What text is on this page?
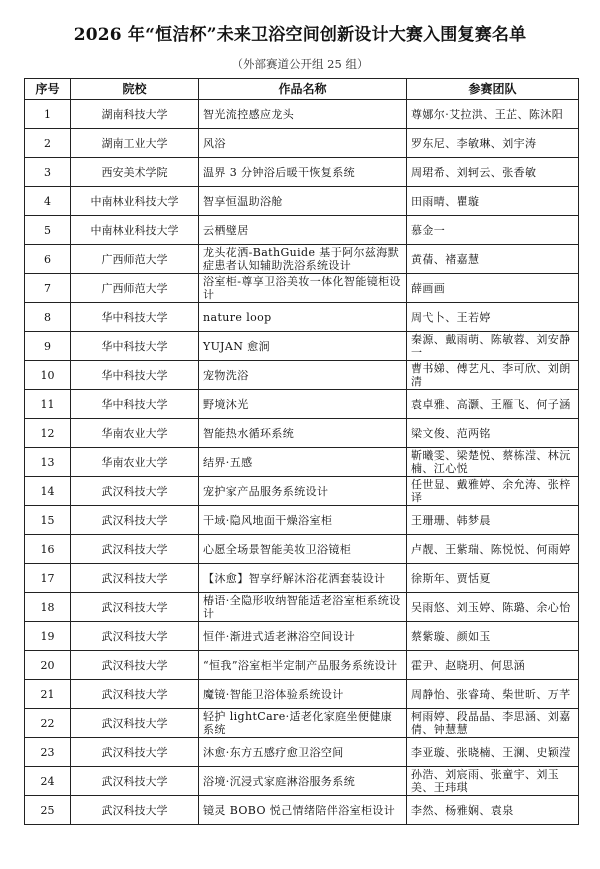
2026 年“恒洁杯”未来卫浴空间创新设计大赛入围复赛名单
（外部赛道公开组 25 组）
序号	院校	作品名称	参赛团队
1	湖南科技大学	智光流控感应龙头	尊娜尔·艾拉洪、王芷、陈沐阳
2	湖南工业大学	风浴	罗东尼、李敏琳、刘宇涛
3	西安美术学院	温界 3 分钟浴后暖干恢复系统	周珺希、刘轲云、张香敏
4	中南林业科技大学	智享恒温助浴舱	田雨晴、瞿璇
5	中南林业科技大学	云栖璧居	慕金一
6	广西师范大学	龙头花洒-BathGuide 基于阿尔兹海默症患者认知辅助洗浴系统设计	黄蒨、褚嘉慧
7	广西师范大学	浴室柜-尊享卫浴美妆一体化智能镜柜设计	薛画画
8	华中科技大学	nature loop	周弋卜、王若婷
9	华中科技大学	YUJAN 愈涧	秦源、戴雨萌、陈敏蓉、刘安静一
10	华中科技大学	宠物洗浴	曹书娣、傅艺凡、李可欣、刘朗清
11	华中科技大学	野境沐光	袁卓雅、高灏、王雁飞、何子涵
12	华南农业大学	智能热水循环系统	梁文俊、范两铭
13	华南农业大学	结界·五感	靳曦雯、梁楚悦、蔡栋滢、林沅楠、江心悦
14	武汉科技大学	宠护家产品服务系统设计	任世显、戴雅婷、余允涛、张梓译
15	武汉科技大学	干域·隐风地面干燥浴室柜	王珊珊、韩梦晨
16	武汉科技大学	心愿全场景智能美妆卫浴镜柜	卢靓、王紫瑞、陈悦悦、何雨婷
17	武汉科技大学	【沐愈】智享纾解沐浴花洒套装设计	徐斯年、贾恬夏
18	武汉科技大学	椿语·全隐形收纳智能适老浴室柜系统设计	吴雨悠、刘玉婷、陈璐、余心怡
19	武汉科技大学	恒伴·渐进式适老淋浴空间设计	蔡紫璇、颜如玉
20	武汉科技大学	“恒我”浴室柜半定制产品服务系统设计	霍尹、赵晓玥、何思涵
21	武汉科技大学	魔镜·智能卫浴体验系统设计	周静怡、张睿琦、柴世昕、万芊
22	武汉科技大学	轻护 lightCare·适老化家庭坐便健康系统	柯雨婷、段晶晶、李思涵、刘嘉倩、钟慧慧
23	武汉科技大学	沐愈·东方五感疗愈卫浴空间	李亚璇、张晓楠、王澜、史颖滢
24	武汉科技大学	浴境·沉浸式家庭淋浴服务系统	孙浩、刘宸雨、张童宇、刘玉美、王玮琪
25	武汉科技大学	镜灵 BOBO 悦己情绪陪伴浴室柜设计	李然、杨雅娴、袁泉
